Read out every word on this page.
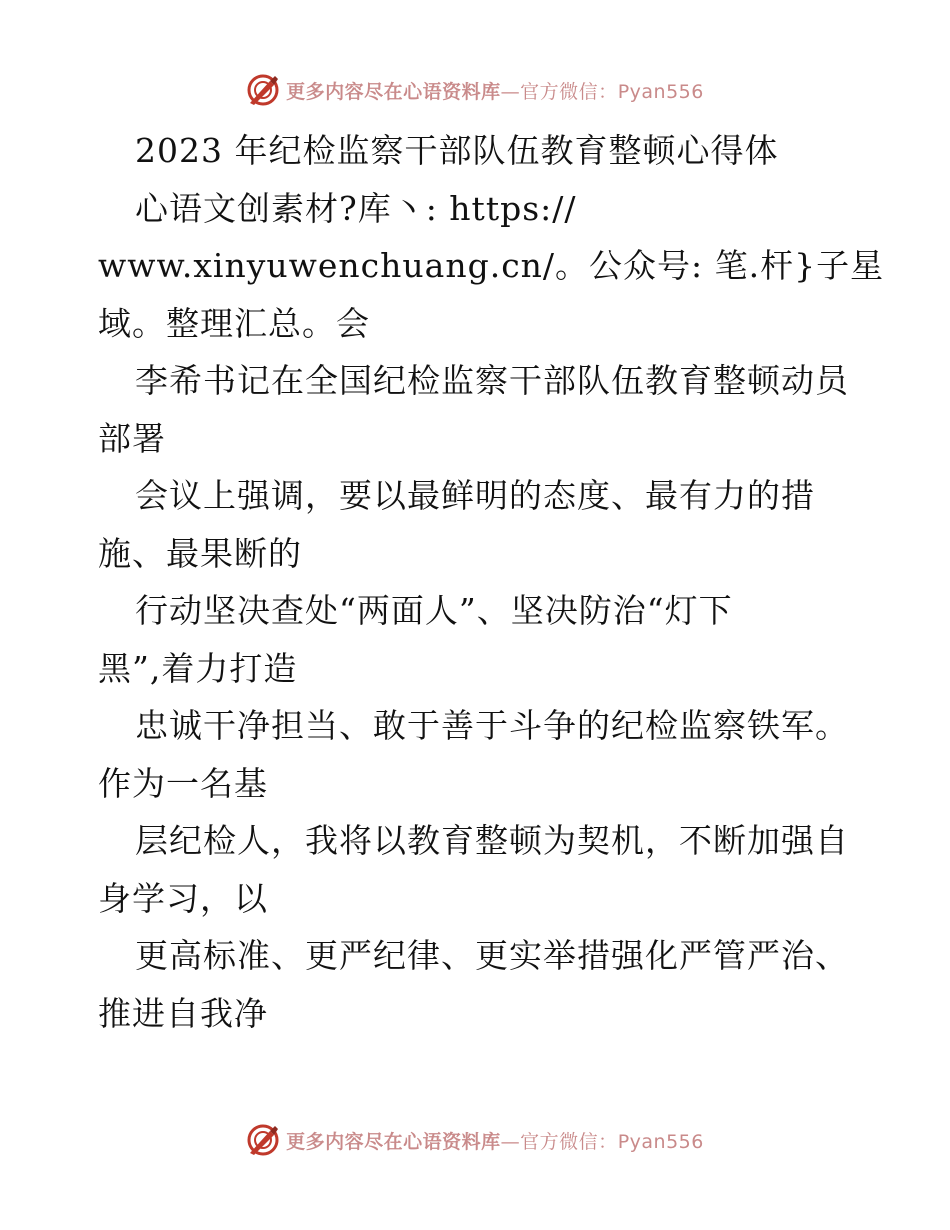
更多内容尽在心语资料库—官方微信：Pyan556
2023 年纪检监察干部队伍教育整顿心得体
心语文创素材?库丶: https://
www.xinyuwenchuang.cn/。公众号: 笔.杆}子星
域。整理汇总。会
李希书记在全国纪检监察干部队伍教育整顿动员
部署
会议上强调，要以最鲜明的态度、最有力的措
施、最果断的
行动坚决查处“两面人”、坚决防治“灯下
黑”,着力打造
忠诚干净担当、敢于善于斗争的纪检监察铁军。
作为一名基
层纪检人，我将以教育整顿为契机，不断加强自
身学习，以
更高标准、更严纪律、更实举措强化严管严治、
推进自我净
更多内容尽在心语资料库—官方微信：Pyan556
